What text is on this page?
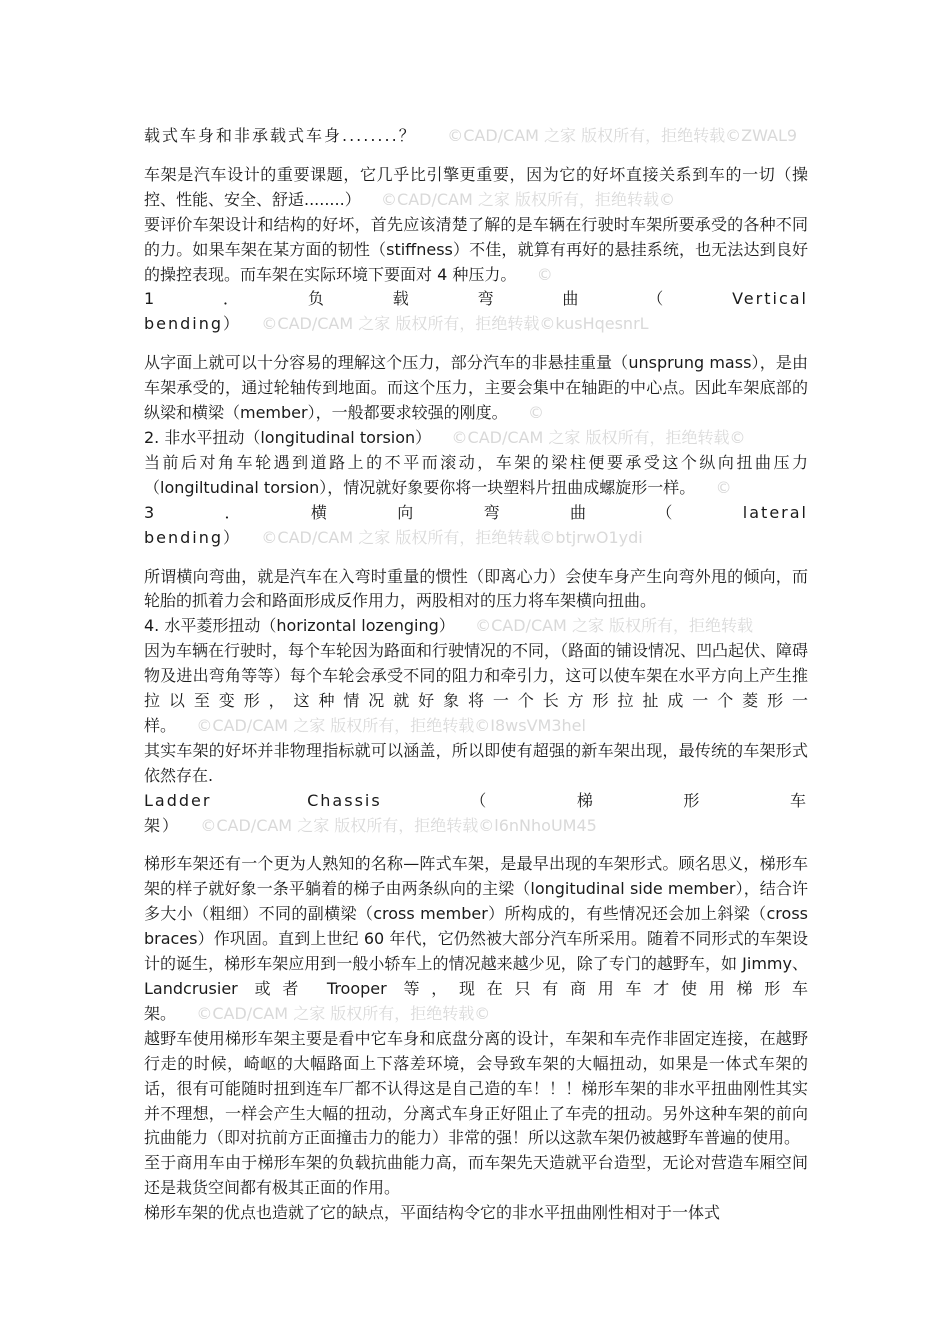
载式车身和非承载式车身........？ ©CAD/CAM 之家 版权所有，拒绝转载©ZWAL9

车架是汽车设计的重要课题，它几乎比引擎更重要，因为它的好坏直接关系到车的一切（操控、性能、安全、舒适........） ©CAD/CAM 之家 版权所有，拒绝转载©

要评价车架设计和结构的好坏，首先应该清楚了解的是车辆在行驶时车架所要承受的各种不同的力。如果车架在某方面的韧性（stiffness）不佳，就算有再好的悬挂系统，也无法达到良好的操控表现。而车架在实际环境下要面对 4 种压力。 ©

1．负载弯曲（Vertical bending） ©CAD/CAM 之家 版权所有，拒绝转载©kusHqesnrL

从字面上就可以十分容易的理解这个压力，部分汽车的非悬挂重量（unsprung mass），是由车架承受的，通过轮轴传到地面。而这个压力，主要会集中在轴距的中心点。因此车架底部的纵梁和横梁（member），一般都要求较强的刚度。 ©

2. 非水平扭动（longitudinal torsion） ©CAD/CAM 之家 版权所有，拒绝转载©

当前后对角车轮遇到道路上的不平而滚动，车架的梁柱便要承受这个纵向扭曲压力（longiltudinal torsion），情况就好象要你将一块塑料片扭曲成螺旋形一样。 ©

3．横向弯曲（lateral bending） ©CAD/CAM 之家 版权所有，拒绝转载©btjrwO1ydi

所谓横向弯曲，就是汽车在入弯时重量的惯性（即离心力）会使车身产生向弯外甩的倾向，而轮胎的抓着力会和路面形成反作用力，两股相对的压力将车架横向扭曲。

4. 水平菱形扭动（horizontal lozenging） ©CAD/CAM 之家 版权所有，拒绝转载

因为车辆在行驶时，每个车轮因为路面和行驶情况的不同，（路面的铺设情况、凹凸起伏、障碍物及进出弯角等等）每个车轮会承受不同的阻力和牵引力，这可以使车架在水平方向上产生推拉以至变形，这种情况就好象将一个长方形拉扯成一个菱形一样。 ©CAD/CAM 之家 版权所有，拒绝转载©I8wsVM3hel

其实车架的好坏并非物理指标就可以涵盖，所以即使有超强的新车架出现，最传统的车架形式依然存在.

Ladder Chassis（梯形车架） ©CAD/CAM 之家 版权所有，拒绝转载©l6nNhoUM45

梯形车架还有一个更为人熟知的名称—阵式车架，是最早出现的车架形式。顾名思义，梯形车架的样子就好象一条平躺着的梯子由两条纵向的主梁（longitudinal side member），结合许多大小（粗细）不同的副横梁（cross member）所构成的，有些情况还会加上斜梁（cross braces）作巩固。直到上世纪 60 年代，它仍然被大部分汽车所采用。随着不同形式的车架设计的诞生，梯形车架应用到一般小轿车上的情况越来越少见，除了专门的越野车，如 Jimmy、Landcrusier 或者 Trooper 等，现在只有商用车才使用梯形车架。 ©CAD/CAM 之家 版权所有，拒绝转载©

越野车使用梯形车架主要是看中它车身和底盘分离的设计，车架和车壳作非固定连接，在越野行走的时候，崎岖的大幅路面上下落差环境，会导致车架的大幅扭动，如果是一体式车架的话，很有可能随时扭到连车厂都不认得这是自己造的车！！！梯形车架的非水平扭曲刚性其实并不理想，一样会产生大幅的扭动，分离式车身正好阻止了车壳的扭动。另外这种车架的前向抗曲能力（即对抗前方正面撞击力的能力）非常的强！所以这款车架仍被越野车普遍的使用。

至于商用车由于梯形车架的负载抗曲能力高，而车架先天造就平台造型，无论对营造车厢空间还是栽货空间都有极其正面的作用。

梯形车架的优点也造就了它的缺点，平面结构令它的非水平扭曲刚性相对于一体式
